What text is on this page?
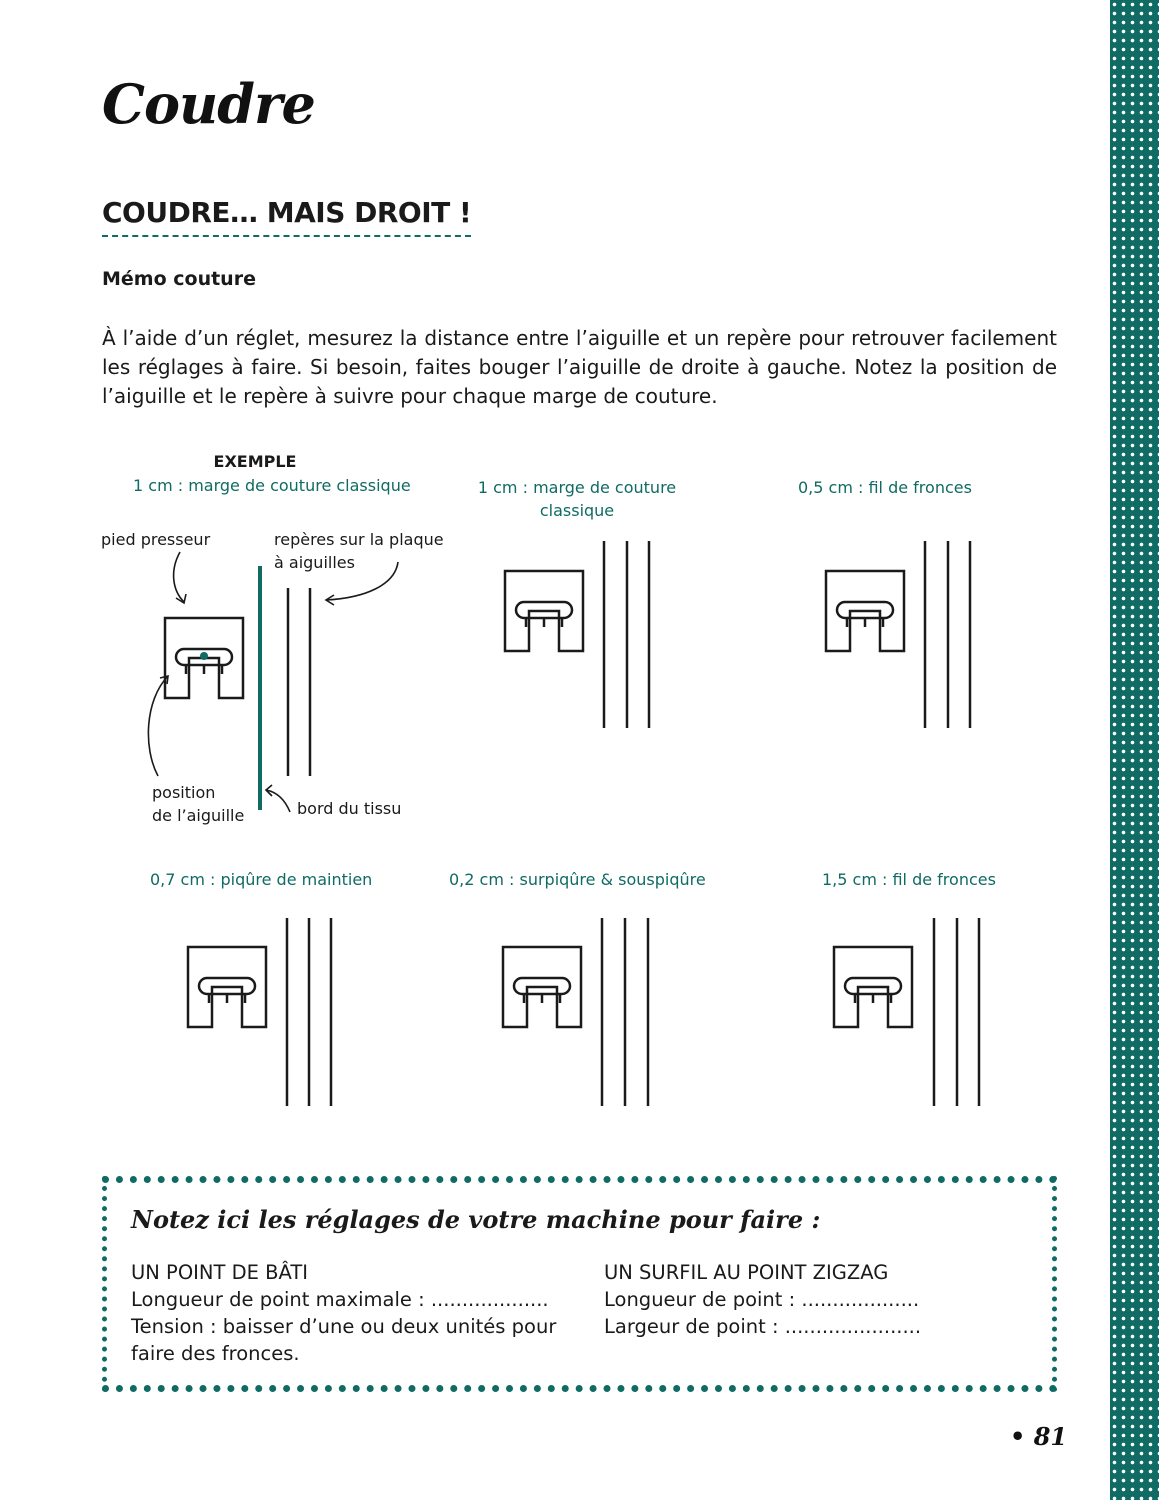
Coudre
COUDRE… MAIS DROIT !
Mémo couture

À l’aide d’un réglet, mesurez la distance entre l’aiguille et un repère pour retrouver facilement les réglages à faire. Si besoin, faites bouger l’aiguille de droite à gauche. Notez la position de l’aiguille et le repère à suivre pour chaque marge de couture.

EXEMPLE
1 cm : marge de couture classique
pied presseur	repères sur la plaque
à aiguilles
position
de l’aiguille	bord du tissu
1 cm : marge de couture
classique
0,5 cm : fil de fronces
0,7 cm : piqûre de maintien	0,2 cm : surpiqûre & souspiqûre	1,5 cm : fil de fronces
Notez ici les réglages de votre machine pour faire :
UN POINT DE BÂTI
Longueur de point maximale : ...................
Tension : baisser d’une ou deux unités pour faire des fronces.
UN SURFIL AU POINT ZIGZAG
Longueur de point : ...................
Largeur de point : ......................
• 81
